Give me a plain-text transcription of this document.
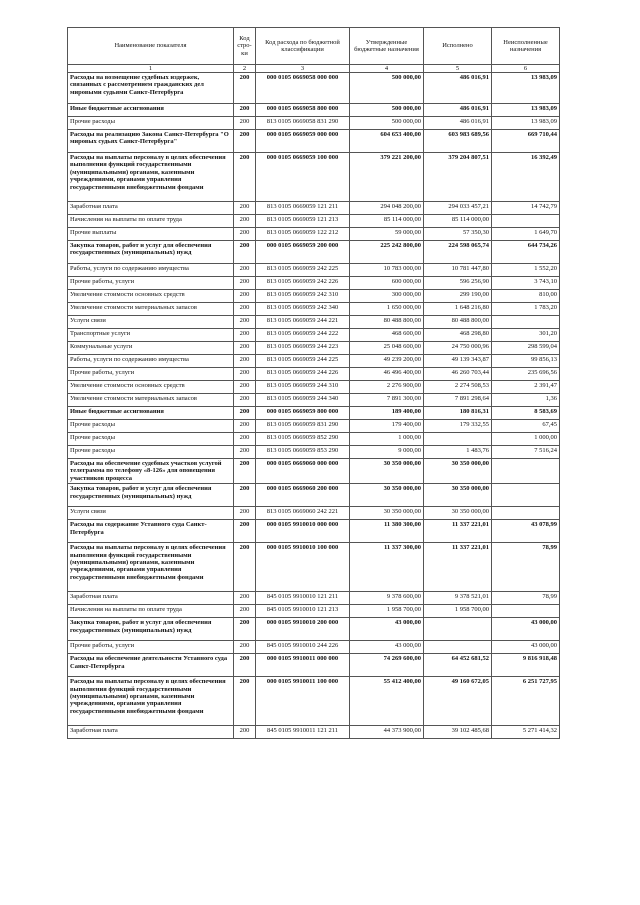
Наименование показателя	Код стро-ки	Код расхода по бюджетной классификации	Утвержденные бюджетные назначения	Исполнено	Неисполненные назначения
1	2	3	4	5	6
Расходы на возмещение судебных издержек, связанных с рассмотрением гражданских дел мировыми судьями Санкт-Петербурга	200	000 0105 0669058 000 000	500 000,00	486 016,91	13 983,09
Иные бюджетные ассигнования	200	000 0105 0669058 800 000	500 000,00	486 016,91	13 983,09
Прочие расходы	200	813 0105 0669058 831 290	500 000,00	486 016,91	13 983,09
Расходы на реализацию Закона Санкт-Петербурга "О мировых судьях Санкт-Петербурга"	200	000 0105 0669059 000 000	604 653 400,00	603 983 689,56	669 710,44
Расходы на выплаты персоналу в целях обеспечения выполнения функций государственными (муниципальными) органами, казенными учреждениями, органами управления государственными внебюджетными фондами	200	000 0105 0669059 100 000	379 221 200,00	379 204 807,51	16 392,49
Заработная плата	200	813 0105 0669059 121 211	294 048 200,00	294 033 457,21	14 742,79
Начисления на выплаты по оплате труда	200	813 0105 0669059 121 213	85 114 000,00	85 114 000,00	
Прочие выплаты	200	813 0105 0669059 122 212	59 000,00	57 350,30	1 649,70
Закупка товаров, работ и услуг для обеспечения государственных (муниципальных) нужд	200	000 0105 0669059 200 000	225 242 800,00	224 598 065,74	644 734,26
Работы, услуги по содержанию имущества	200	813 0105 0669059 242 225	10 783 000,00	10 781 447,80	1 552,20
Прочие работы, услуги	200	813 0105 0669059 242 226	600 000,00	596 256,90	3 743,10
Увеличение стоимости основных средств	200	813 0105 0669059 242 310	300 000,00	299 190,00	810,00
Увеличение стоимости материальных запасов	200	813 0105 0669059 242 340	1 650 000,00	1 648 216,80	1 783,20
Услуги связи	200	813 0105 0669059 244 221	80 488 800,00	80 488 800,00	
Транспортные услуги	200	813 0105 0669059 244 222	468 600,00	468 298,80	301,20
Коммунальные услуги	200	813 0105 0669059 244 223	25 048 600,00	24 750 000,96	298 599,04
Работы, услуги по содержанию имущества	200	813 0105 0669059 244 225	49 239 200,00	49 139 343,87	99 856,13
Прочие работы, услуги	200	813 0105 0669059 244 226	46 496 400,00	46 260 703,44	235 696,56
Увеличение стоимости основных средств	200	813 0105 0669059 244 310	2 276 900,00	2 274 508,53	2 391,47
Увеличение стоимости материальных запасов	200	813 0105 0669059 244 340	7 891 300,00	7 891 298,64	1,36
Иные бюджетные ассигнования	200	000 0105 0669059 800 000	189 400,00	180 816,31	8 583,69
Прочие расходы	200	813 0105 0669059 831 290	179 400,00	179 332,55	67,45
Прочие расходы	200	813 0105 0669059 852 290	1 000,00		1 000,00
Прочие расходы	200	813 0105 0669059 853 290	9 000,00	1 483,76	7 516,24
Расходы на обеспечение судебных участков услугой телеграмма по телефону «8-126» для оповещения участников процесса	200	000 0105 0669060 000 000	30 350 000,00	30 350 000,00	
Закупка товаров, работ и услуг для обеспечения государственных (муниципальных) нужд	200	000 0105 0669060 200 000	30 350 000,00	30 350 000,00	
Услуги связи	200	813 0105 0669060 242 221	30 350 000,00	30 350 000,00	
Расходы на содержание Уставного суда Санкт-Петербурга	200	000 0105 9910010 000 000	11 380 300,00	11 337 221,01	43 078,99
Расходы на выплаты персоналу в целях обеспечения выполнения функций государственными (муниципальными) органами, казенными учреждениями, органами управления государственными внебюджетными фондами	200	000 0105 9910010 100 000	11 337 300,00	11 337 221,01	78,99
Заработная плата	200	845 0105 9910010 121 211	9 378 600,00	9 378 521,01	78,99
Начисления на выплаты по оплате труда	200	845 0105 9910010 121 213	1 958 700,00	1 958 700,00	
Закупка товаров, работ и услуг для обеспечения государственных (муниципальных) нужд	200	000 0105 9910010 200 000	43 000,00		43 000,00
Прочие работы, услуги	200	845 0105 9910010 244 226	43 000,00		43 000,00
Расходы на обеспечение деятельности Уставного суда Санкт-Петербурга	200	000 0105 9910011 000 000	74 269 600,00	64 452 681,52	9 816 918,48
Расходы на выплаты персоналу в целях обеспечения выполнения функций государственными (муниципальными) органами, казенными учреждениями, органами управления государственными внебюджетными фондами	200	000 0105 9910011 100 000	55 412 400,00	49 160 672,05	6 251 727,95
Заработная плата	200	845 0105 9910011 121 211	44 373 900,00	39 102 485,68	5 271 414,32
